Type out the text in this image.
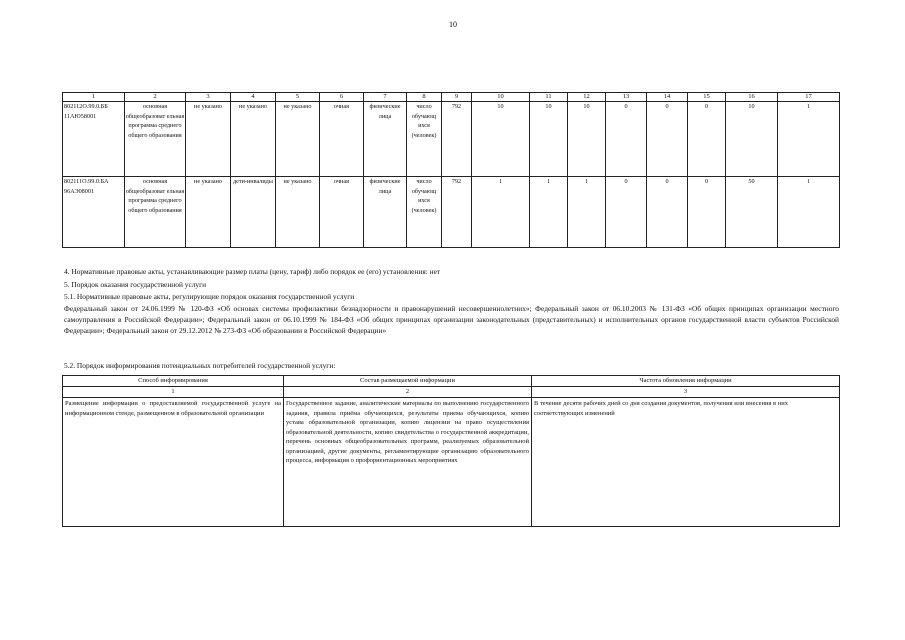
10
1	2	3	4	5	6	7	8	9	10	11	12	13	14	15	16	17
802112О.99.0.ББ 11АЮ58001	основная общеобразоват ельная программа среднего общего образования	не указано	не указано	не указано	очная	физические лица	число обучающ ихся (человек)	792	10	10	10	0	0	0	10	1
802111О.99.0.БА 96АЭ08001	основная общеобразоват ельная программа среднего общего образования	не указано	дети-инвалиды	не указано	очная	физические лица	число обучающ ихся (человек)	792	1	1	1	0	0	0	50	1
4. Нормативные правовые акты, устанавливающие размер платы (цену, тариф) либо порядок ее (его) установления: нет
5. Порядок оказания государственной услуги
5.1. Нормативные правовые акты, регулирующие порядок оказания государственной услуги
Федеральный закон от 24.06.1999 № 120-ФЗ «Об основах системы профилактики безнадзорности и правонарушений несовершеннолетних»; Федеральный закон от 06.10.2003 № 131-ФЗ «Об общих принципах организации местного самоуправления в Российской Федерации»; Федеральный закон от 06.10.1999 № 184-ФЗ «Об общих принципах организации законодательных (представительных) и исполнительных органов государственной власти субъектов Российской Федерации»; Федеральный закон от 29.12.2012 № 273-ФЗ «Об образовании в Российской Федерации»
5.2. Порядок информирования потенциальных потребителей государственной услуги:
Способ информирования	Состав размещаемой информации	Частота обновления информации
1	2	3
Размещение информации о предоставляемой государственной услуге на информационном стенде, размещенном в образовательной организации	Государственное задание, аналитические материалы по выполнению государственного задания, правила приёма обучающихся, результаты приема обучающихся, копию устава образовательной организации, копию лицензии на право осуществления образовательной деятельности, копию свидетельства о государственной аккредитации, перечень основных общеобразовательных программ, реализуемых образовательной организацией, другие документы, регламентирующие организацию образовательного процесса, информация о профориентационных мероприятиях	В течение десяти рабочих дней со дня создания документов, получения или внесения в них соответствующих изменений
